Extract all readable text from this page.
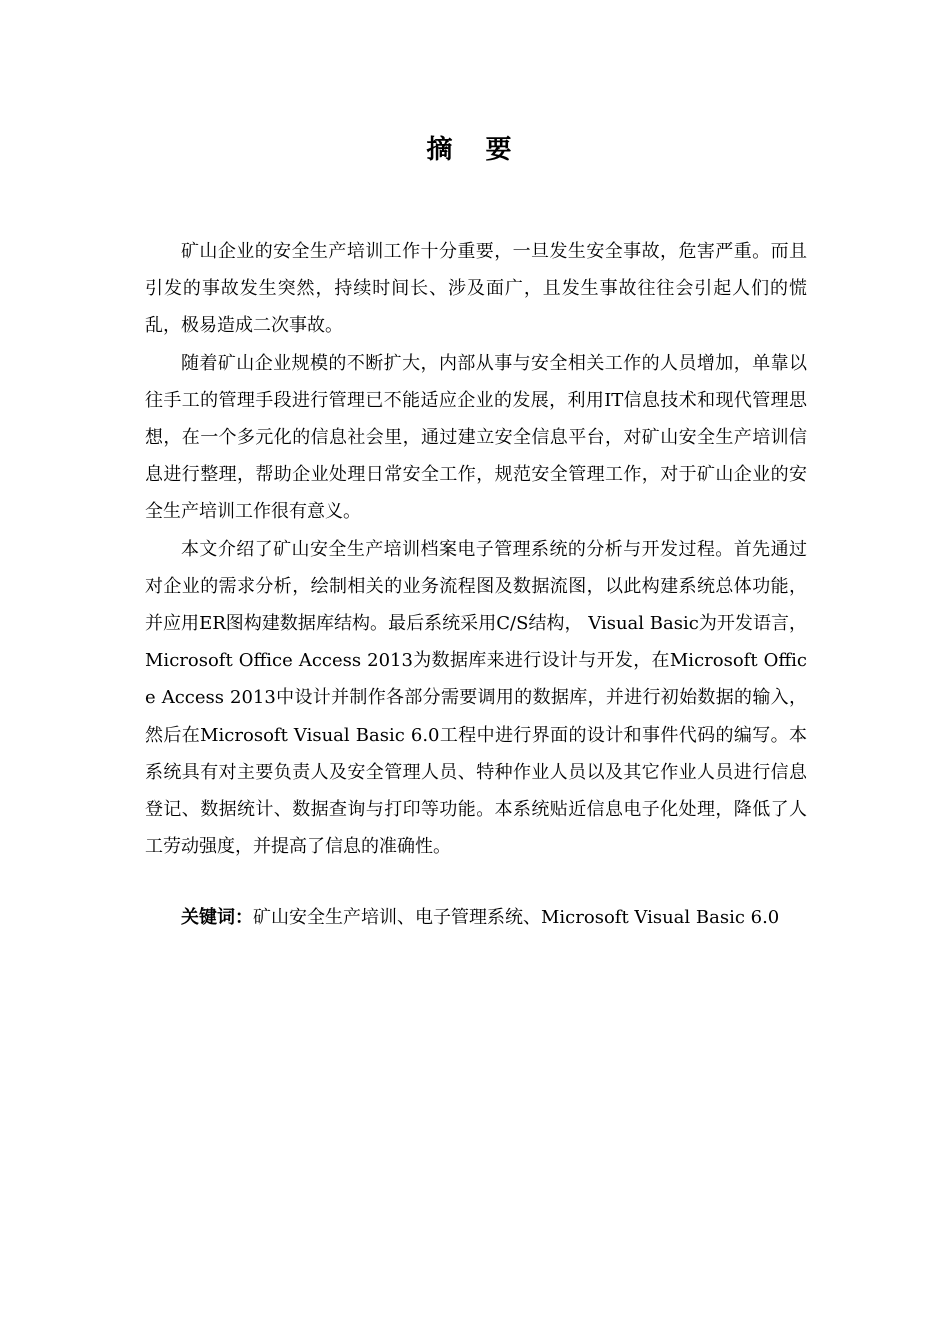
摘 要

矿山企业的安全生产培训工作十分重要，一旦发生安全事故，危害严重。而且引发的事故发生突然，持续时间长、涉及面广，且发生事故往往会引起人们的慌乱，极易造成二次事故。

随着矿山企业规模的不断扩大，内部从事与安全相关工作的人员增加，单靠以往手工的管理手段进行管理已不能适应企业的发展，利用IT信息技术和现代管理思想，在一个多元化的信息社会里，通过建立安全信息平台，对矿山安全生产培训信息进行整理，帮助企业处理日常安全工作，规范安全管理工作，对于矿山企业的安全生产培训工作很有意义。

本文介绍了矿山安全生产培训档案电子管理系统的分析与开发过程。首先通过对企业的需求分析，绘制相关的业务流程图及数据流图，以此构建系统总体功能，并应用ER图构建数据库结构。最后系统采用C/S结构， Visual Basic为开发语言，Microsoft Office Access 2013为数据库来进行设计与开发，在Microsoft Office Access 2013中设计并制作各部分需要调用的数据库，并进行初始数据的输入，然后在Microsoft Visual Basic 6.0工程中进行界面的设计和事件代码的编写。本系统具有对主要负责人及安全管理人员、特种作业人员以及其它作业人员进行信息登记、数据统计、数据查询与打印等功能。本系统贴近信息电子化处理，降低了人工劳动强度，并提高了信息的准确性。

关键词：矿山安全生产培训、电子管理系统、Microsoft Visual Basic 6.0
